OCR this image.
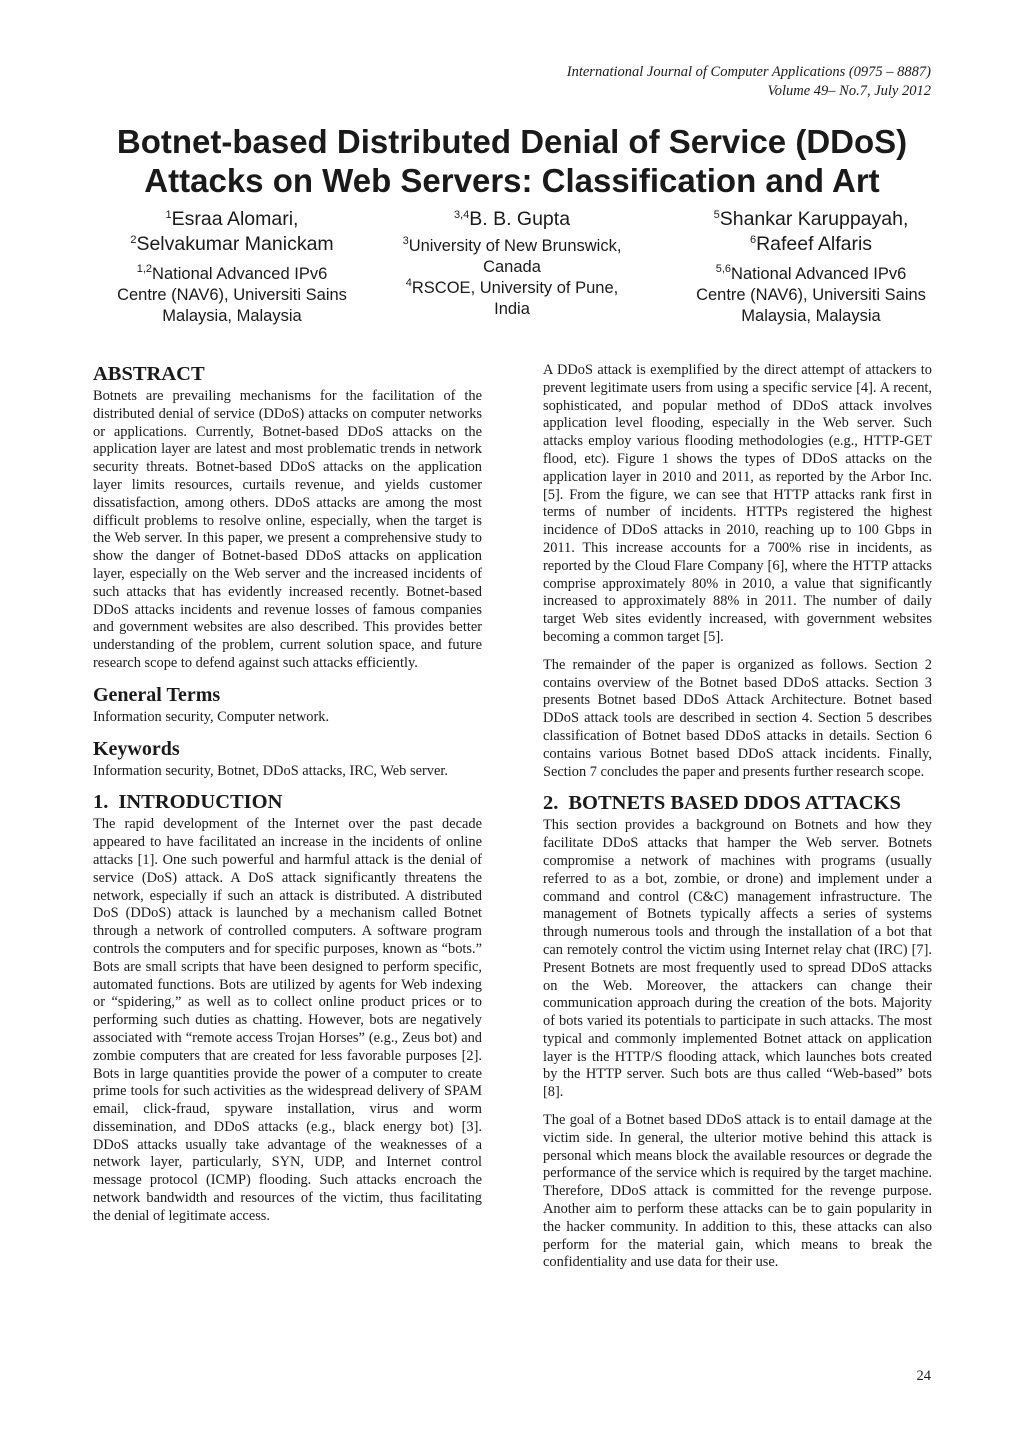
International Journal of Computer Applications (0975 – 8887)
Volume 49– No.7, July 2012
Botnet-based Distributed Denial of Service (DDoS)
Attacks on Web Servers: Classification and Art
$^1$Esraa Alomari,
$^2$Selvakumar Manickam
$^{1,2}$National Advanced IPv6
Centre (NAV6), Universiti Sains
Malaysia, Malaysia
$^{3,4}$B. B. Gupta
$^3$University of New Brunswick,
Canada
$^4$RSCOE, University of Pune,
India
$^5$Shankar Karuppayah,
$^6$Rafeef Alfaris
$^{5,6}$National Advanced IPv6
Centre (NAV6), Universiti Sains
Malaysia, Malaysia
ABSTRACT

Botnets are prevailing mechanisms for the facilitation of the distributed denial of service (DDoS) attacks on computer networks or applications. Currently, Botnet-based DDoS attacks on the application layer are latest and most problematic trends in network security threats. Botnet-based DDoS attacks on the application layer limits resources, curtails revenue, and yields customer dissatisfaction, among others. DDoS attacks are among the most difficult problems to resolve online, especially, when the target is the Web server. In this paper, we present a comprehensive study to show the danger of Botnet-based DDoS attacks on application layer, especially on the Web server and the increased incidents of such attacks that has evidently increased recently. Botnet-based DDoS attacks incidents and revenue losses of famous companies and government websites are also described. This provides better understanding of the problem, current solution space, and future research scope to defend against such attacks efficiently.

General Terms

Information security, Computer network.

Keywords

Information security, Botnet, DDoS attacks, IRC, Web server.

1. INTRODUCTION

The rapid development of the Internet over the past decade appeared to have facilitated an increase in the incidents of online attacks [1]. One such powerful and harmful attack is the denial of service (DoS) attack. A DoS attack significantly threatens the network, especially if such an attack is distributed. A distributed DoS (DDoS) attack is launched by a mechanism called Botnet through a network of controlled computers. A software program controls the computers and for specific purposes, known as “bots.” Bots are small scripts that have been designed to perform specific, automated functions. Bots are utilized by agents for Web indexing or “spidering,” as well as to collect online product prices or to performing such duties as chatting. However, bots are negatively associated with “remote access Trojan Horses” (e.g., Zeus bot) and zombie computers that are created for less favorable purposes [2]. Bots in large quantities provide the power of a computer to create prime tools for such activities as the widespread delivery of SPAM email, click-fraud, spyware installation, virus and worm dissemination, and DDoS attacks (e.g., black energy bot) [3]. DDoS attacks usually take advantage of the weaknesses of a network layer, particularly, SYN, UDP, and Internet control message protocol (ICMP) flooding. Such attacks encroach the network bandwidth and resources of the victim, thus facilitating the denial of legitimate access.

A DDoS attack is exemplified by the direct attempt of attackers to prevent legitimate users from using a specific service [4]. A recent, sophisticated, and popular method of DDoS attack involves application level flooding, especially in the Web server. Such attacks employ various flooding methodologies (e.g., HTTP-GET flood, etc). Figure 1 shows the types of DDoS attacks on the application layer in 2010 and 2011, as reported by the Arbor Inc. [5]. From the figure, we can see that HTTP attacks rank first in terms of number of incidents. HTTPs registered the highest incidence of DDoS attacks in 2010, reaching up to 100 Gbps in 2011. This increase accounts for a 700% rise in incidents, as reported by the Cloud Flare Company [6], where the HTTP attacks comprise approximately 80% in 2010, a value that significantly increased to approximately 88% in 2011. The number of daily target Web sites evidently increased, with government websites becoming a common target [5].

The remainder of the paper is organized as follows. Section 2 contains overview of the Botnet based DDoS attacks. Section 3 presents Botnet based DDoS Attack Architecture. Botnet based DDoS attack tools are described in section 4. Section 5 describes classification of Botnet based DDoS attacks in details. Section 6 contains various Botnet based DDoS attack incidents. Finally, Section 7 concludes the paper and presents further research scope.

2. BOTNETS BASED DDOS ATTACKS

This section provides a background on Botnets and how they facilitate DDoS attacks that hamper the Web server. Botnets compromise a network of machines with programs (usually referred to as a bot, zombie, or drone) and implement under a command and control (C&C) management infrastructure. The management of Botnets typically affects a series of systems through numerous tools and through the installation of a bot that can remotely control the victim using Internet relay chat (IRC) [7]. Present Botnets are most frequently used to spread DDoS attacks on the Web. Moreover, the attackers can change their communication approach during the creation of the bots. Majority of bots varied its potentials to participate in such attacks. The most typical and commonly implemented Botnet attack on application layer is the HTTP/S flooding attack, which launches bots created by the HTTP server. Such bots are thus called “Web-based” bots [8].

The goal of a Botnet based DDoS attack is to entail damage at the victim side. In general, the ulterior motive behind this attack is personal which means block the available resources or degrade the performance of the service which is required by the target machine. Therefore, DDoS attack is committed for the revenge purpose. Another aim to perform these attacks can be to gain popularity in the hacker community. In addition to this, these attacks can also perform for the material gain, which means to break the confidentiality and use data for their use.

24
